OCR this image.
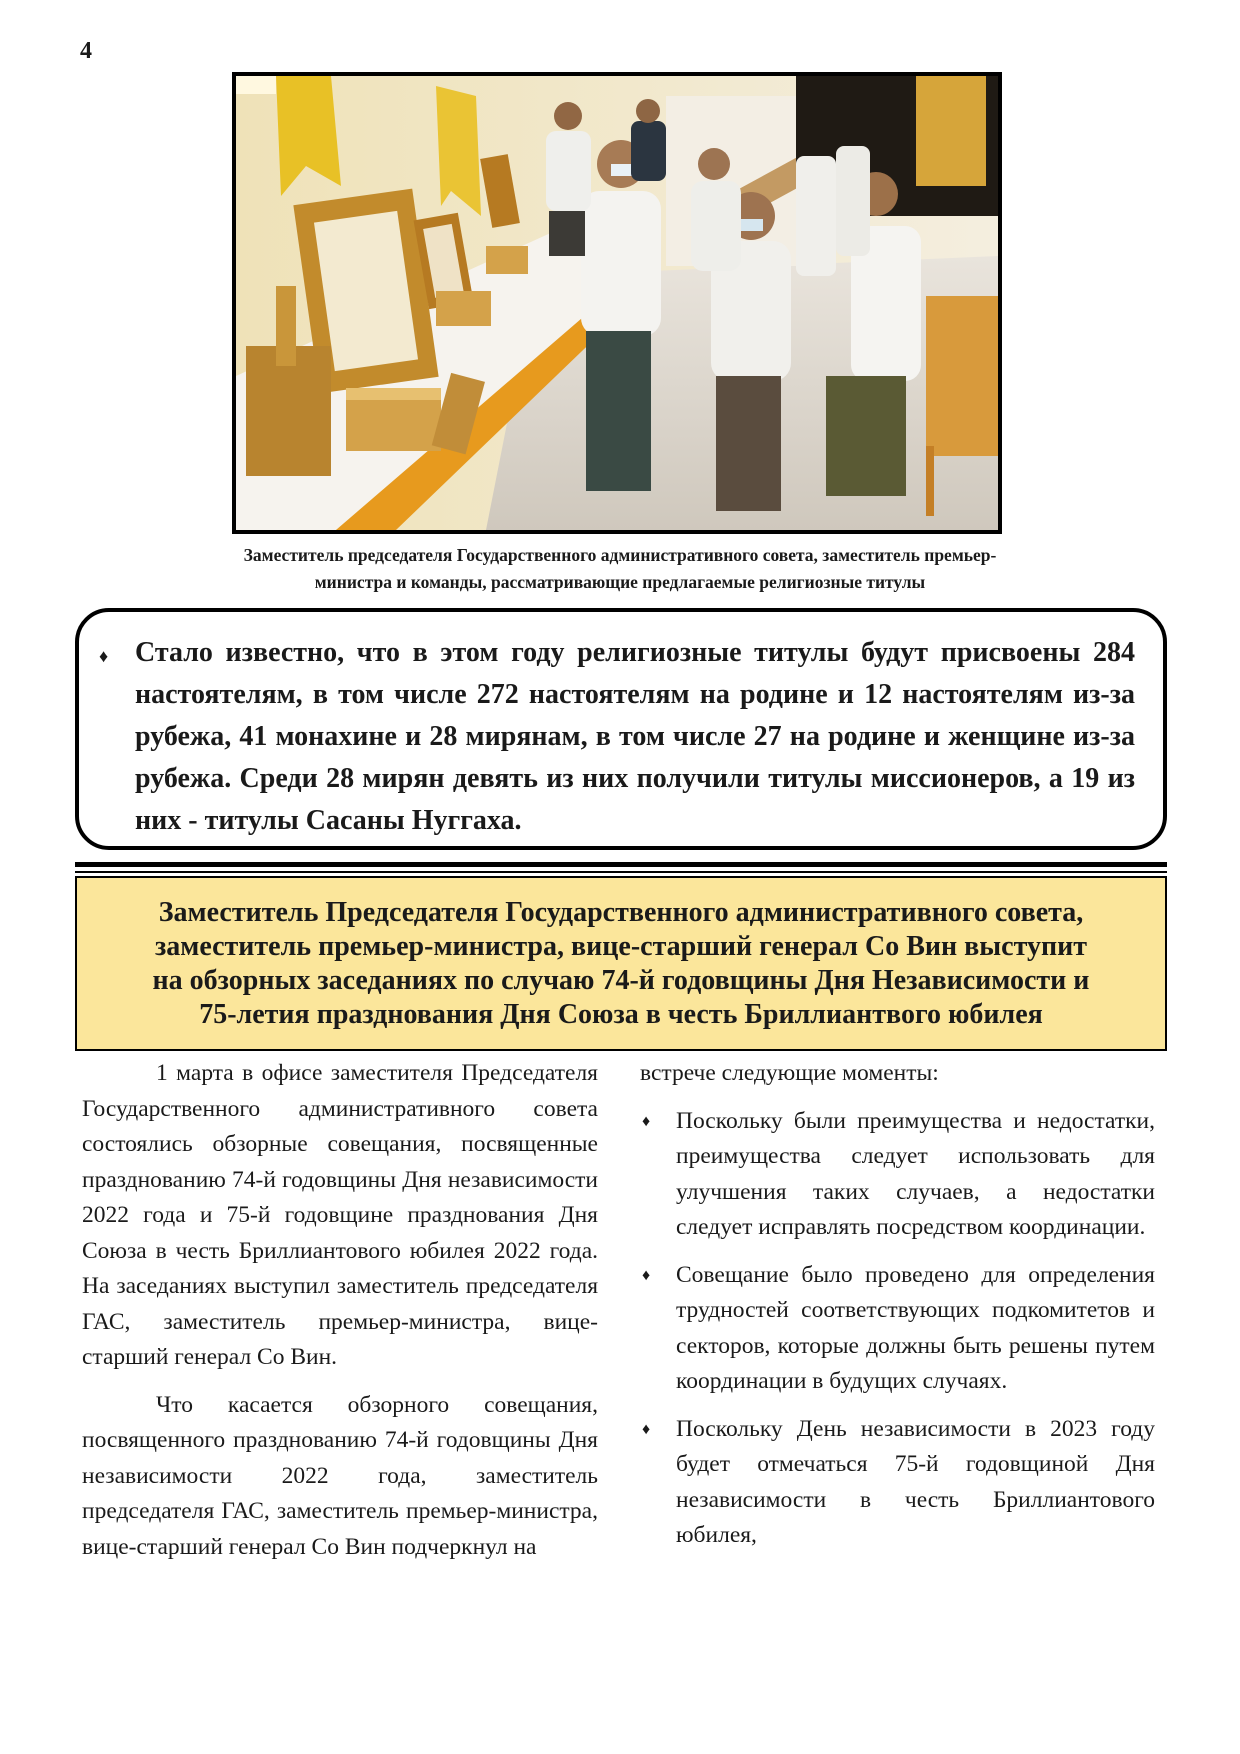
4
Заместитель председателя Государственного административного совета, заместитель премьер-
министра и команды, рассматривающие предлагаемые религиозные титулы
♦ Стало известно, что в этом году религиозные титулы будут присвоены 284 настоятелям, в том числе 272 настоятелям на родине и 12 настоятелям из-за рубежа, 41 монахине и 28 мирянам, в том числе 27 на родине и женщине из-за рубежа. Среди 28 мирян девять из них получили титулы миссионеров, а 19 из них - титулы Сасаны Нуггаха.

Заместитель Председателя Государственного административного совета,
заместитель премьер-министра, вице-старший генерал Со Вин выступит
на обзорных заседаниях по случаю 74-й годовщины Дня Независимости и
75-летия празднования Дня Союза в честь Бриллиантвого юбилея

1 марта в офисе заместителя Председателя Государственного административного совета состоялись обзорные совещания, посвященные празднованию 74-й годовщины Дня независимости 2022 года и 75-й годовщине празднования Дня Союза в честь Бриллиантового юбилея 2022 года. На заседаниях выступил заместитель председателя ГАС, заместитель премьер-министра, вице-старший генерал Со Вин.

Что касается обзорного совещания, посвященного празднованию 74-й годовщины Дня независимости 2022 года, заместитель председателя ГАС, заместитель премьер-министра, вице-старший генерал Со Вин подчеркнул на

встрече следующие моменты:

♦ Поскольку были преимущества и недостатки, преимущества следует использовать для улучшения таких случаев, а недостатки следует исправлять посредством координации.
♦ Совещание было проведено для определения трудностей соответствующих подкомитетов и секторов, которые должны быть решены путем координации в будущих случаях.
♦ Поскольку День независимости в 2023 году будет отмечаться 75-й годовщиной Дня независимости в честь Бриллиантового юбилея,
